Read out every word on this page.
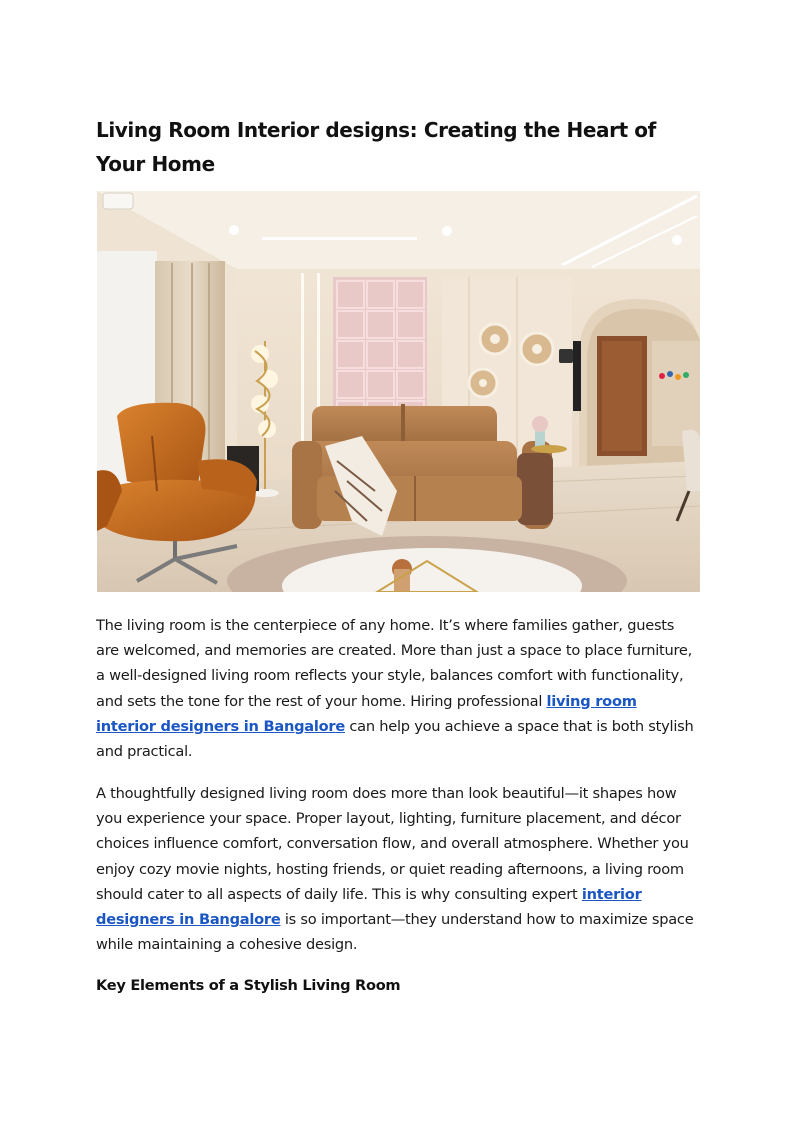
Living Room Interior designs: Creating the Heart of Your Home

The living room is the centerpiece of any home. It’s where families gather, guests are welcomed, and memories are created. More than just a space to place furniture, a well-designed living room reflects your style, balances comfort with functionality, and sets the tone for the rest of your home. Hiring professional living room interior designers in Bangalore can help you achieve a space that is both stylish and practical.

A thoughtfully designed living room does more than look beautiful—it shapes how you experience your space. Proper layout, lighting, furniture placement, and décor choices influence comfort, conversation flow, and overall atmosphere. Whether you enjoy cozy movie nights, hosting friends, or quiet reading afternoons, a living room should cater to all aspects of daily life. This is why consulting expert interior designers in Bangalore is so important—they understand how to maximize space while maintaining a cohesive design.

Key Elements of a Stylish Living Room
